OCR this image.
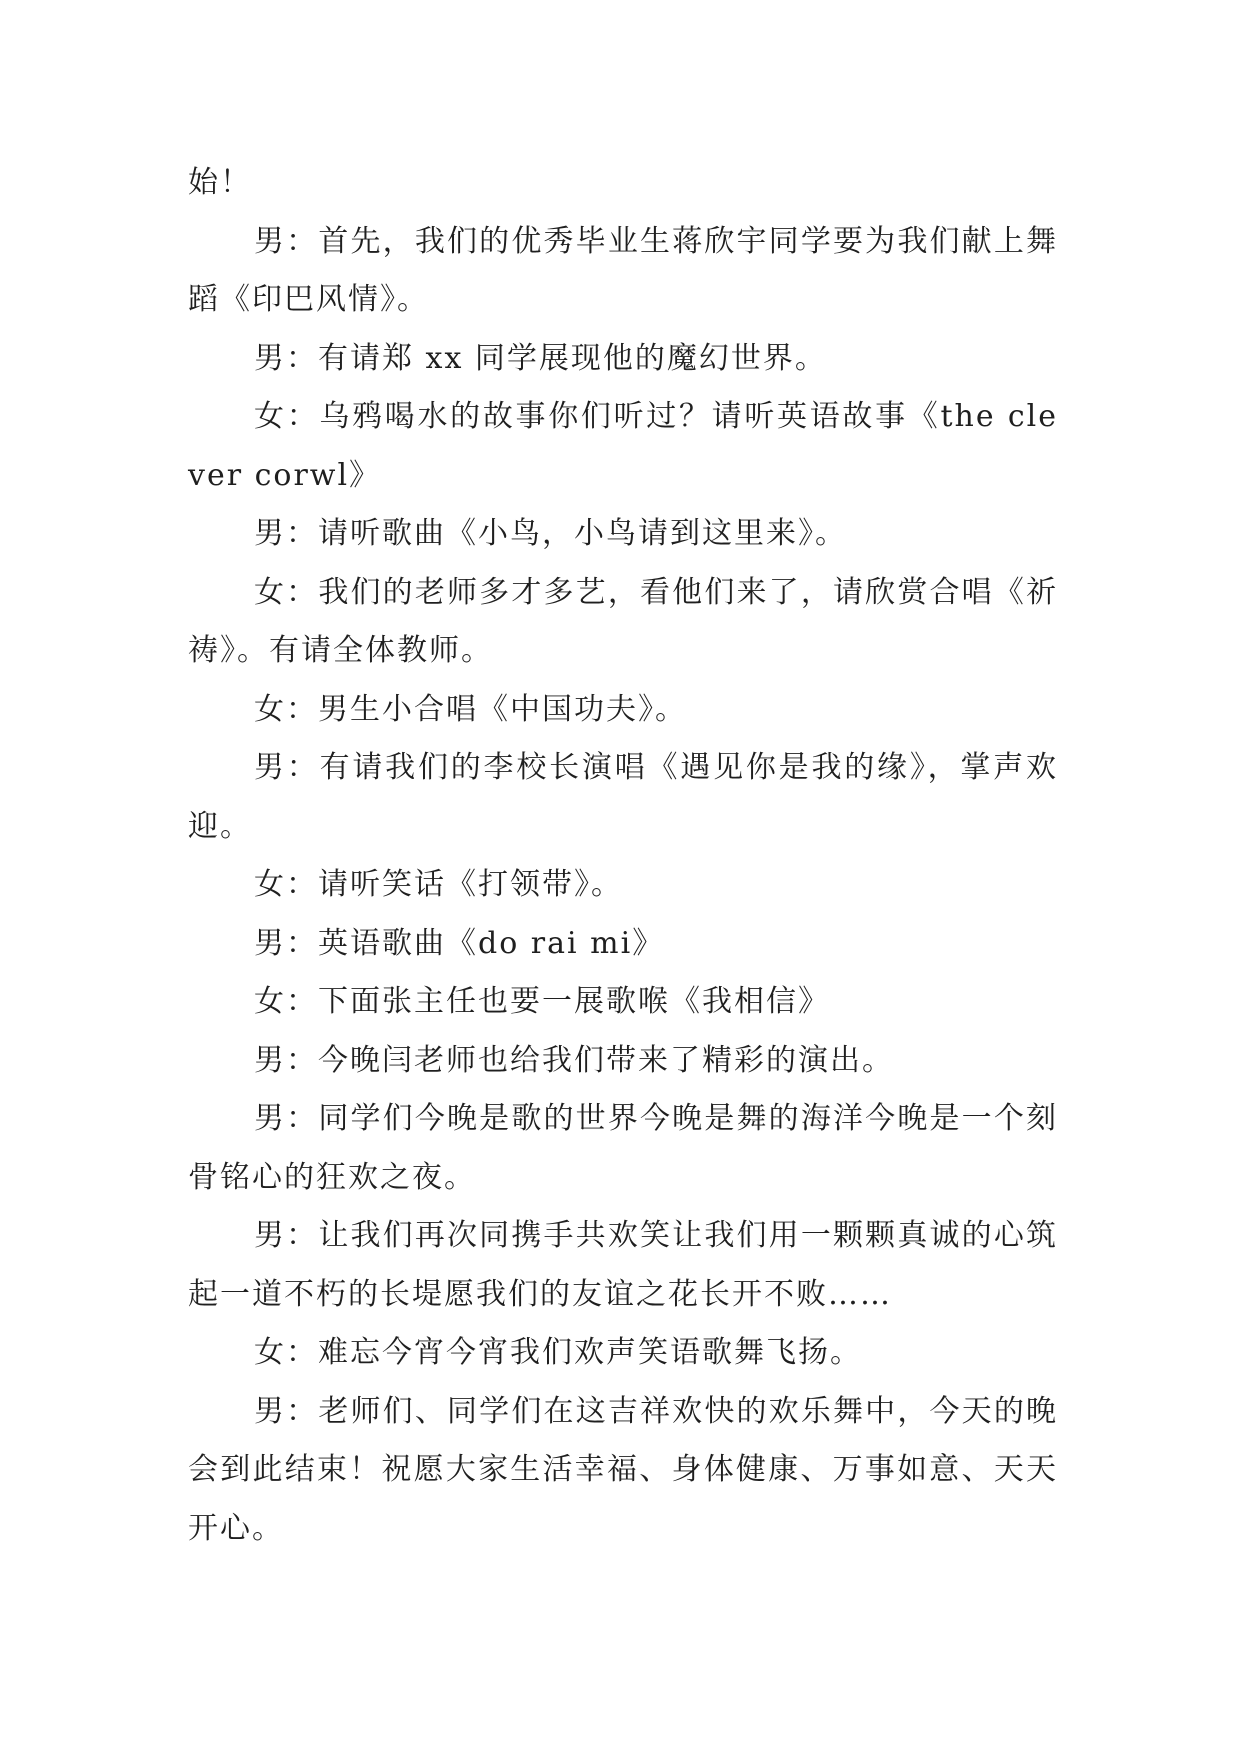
始！

男：首先，我们的优秀毕业生蒋欣宇同学要为我们献上舞蹈《印巴风情》。

男：有请郑 xx 同学展现他的魔幻世界。

女：乌鸦喝水的故事你们听过？请听英语故事《the clever corwl》

男：请听歌曲《小鸟，小鸟请到这里来》。

女：我们的老师多才多艺，看他们来了，请欣赏合唱《祈祷》。有请全体教师。

女：男生小合唱《中国功夫》。

男：有请我们的李校长演唱《遇见你是我的缘》，掌声欢迎。

女：请听笑话《打领带》。

男：英语歌曲《do rai mi》

女：下面张主任也要一展歌喉《我相信》

男：今晚闫老师也给我们带来了精彩的演出。

男：同学们今晚是歌的世界今晚是舞的海洋今晚是一个刻骨铭心的狂欢之夜。

男：让我们再次同携手共欢笑让我们用一颗颗真诚的心筑起一道不朽的长堤愿我们的友谊之花长开不败……

女：难忘今宵今宵我们欢声笑语歌舞飞扬。

男：老师们、同学们在这吉祥欢快的欢乐舞中，今天的晚会到此结束！祝愿大家生活幸福、身体健康、万事如意、天天开心。
